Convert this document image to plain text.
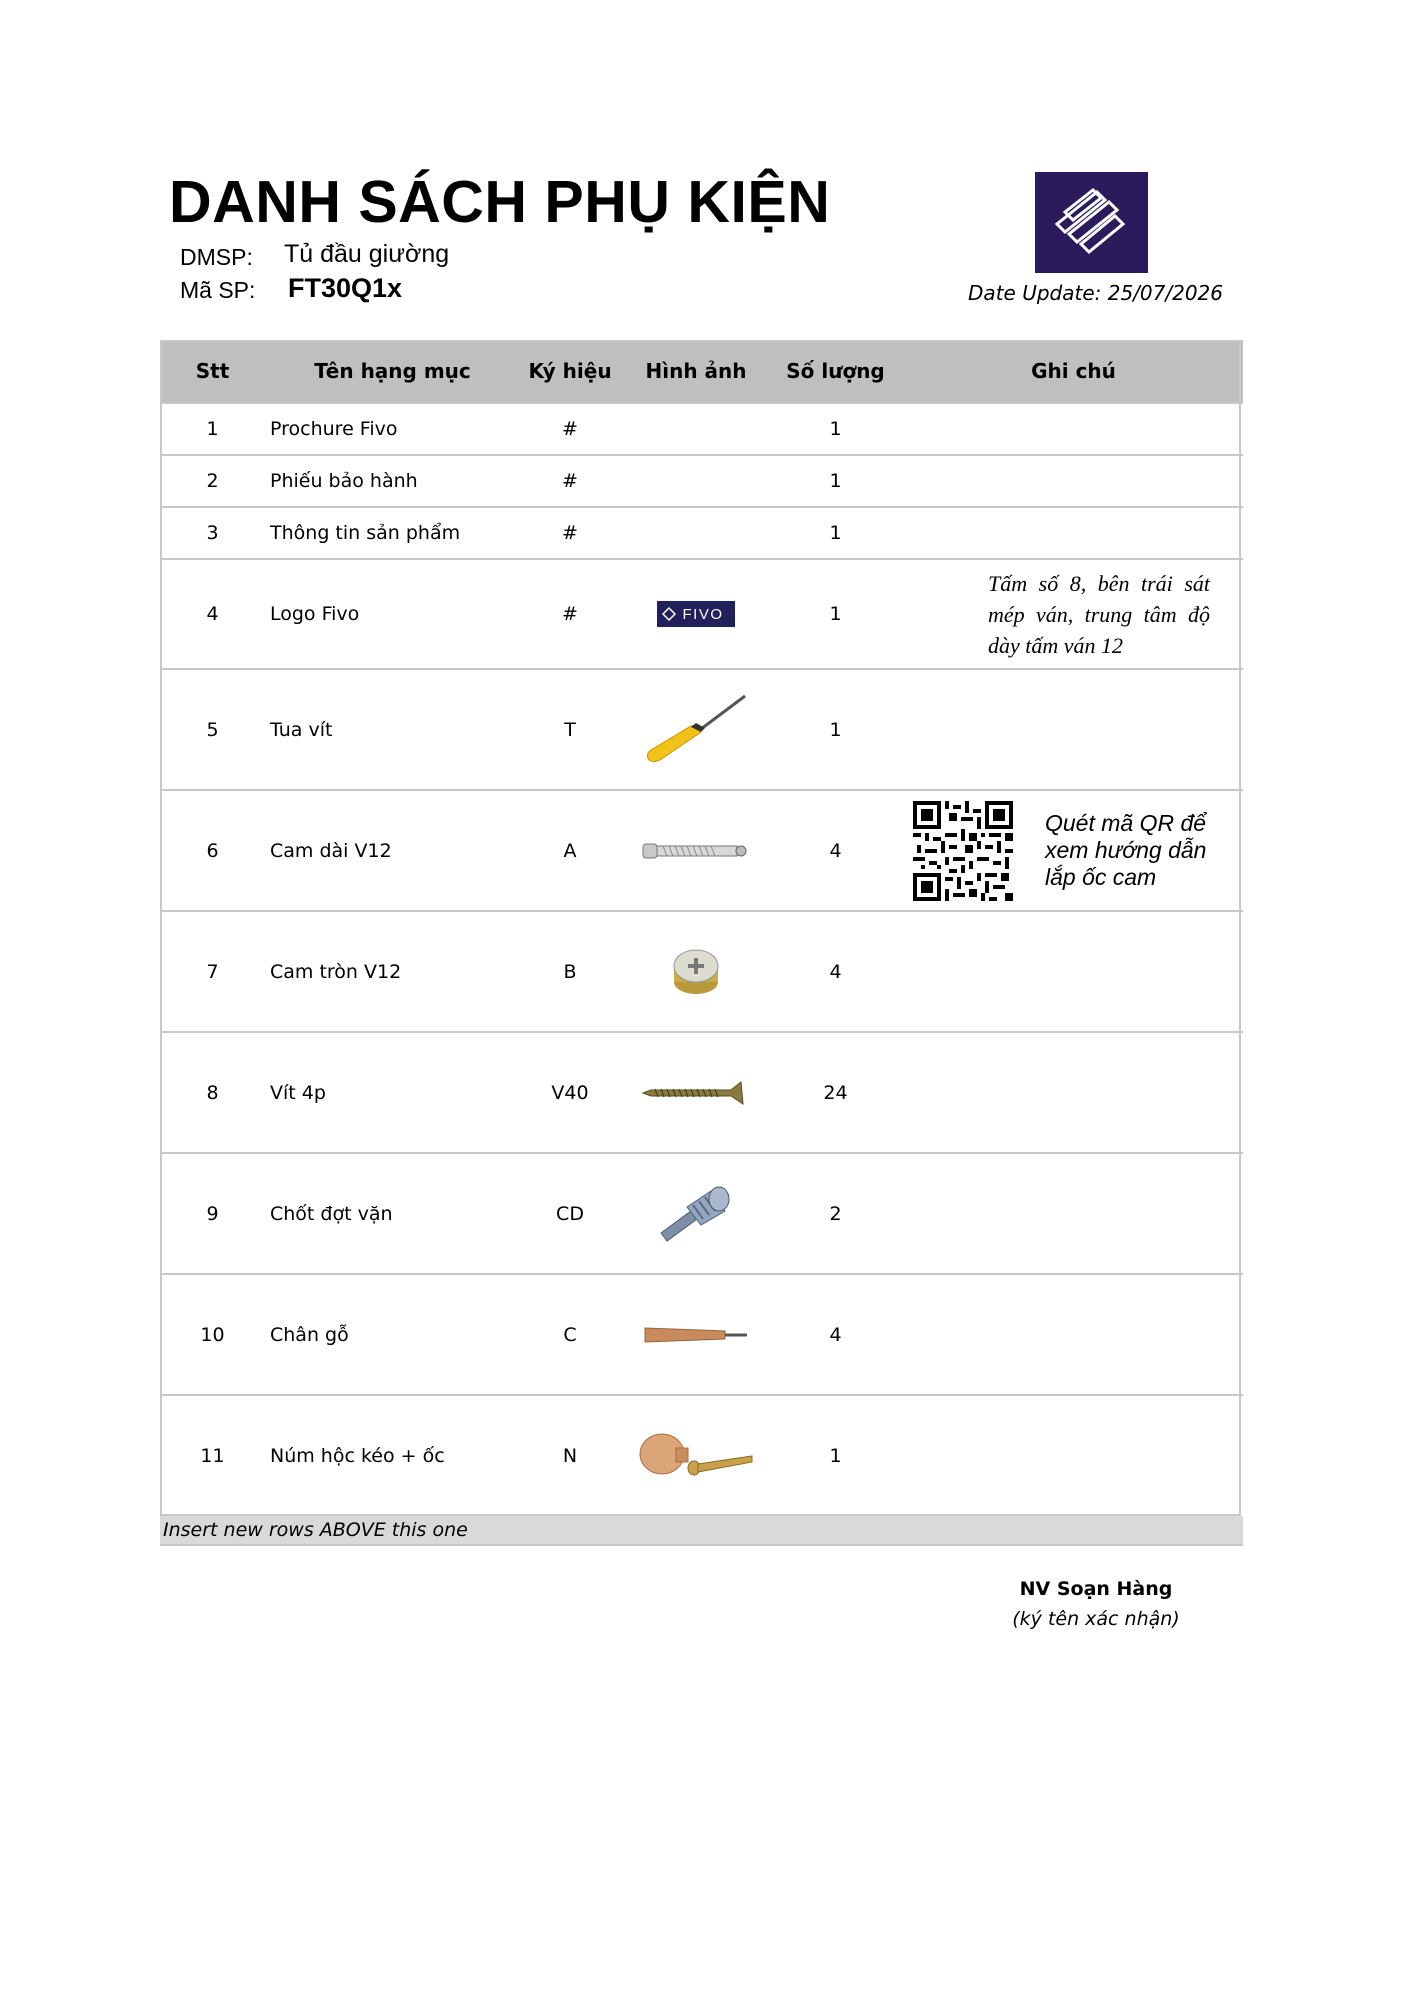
DANH SÁCH PHỤ KIỆN
DMSP: Tủ đầu giường
Mã SP: FT30Q1x	Date Update: 25/07/2026
Stt	Tên hạng mục	Ký hiệu	Hình ảnh	Số lượng	Ghi chú
1	Prochure Fivo	#		1	
2	Phiếu bảo hành	#		1	
3	Thông tin sản phẩm	#		1	
4	Logo Fivo	#	FIVO	1	Tấm số 8, bên trái sát mép ván, trung tâm độ dày tấm ván 12

5	Tua vít	T		1	
6	Cam dài V12	A		4	Quét mã QR để xem hướng dẫn lắp ốc cam

7	Cam tròn V12	B		4	
8	Vít 4p	V40		24	
9	Chốt đợt vặn	CD		2	
10	Chân gỗ	C		4	
11	Núm hộc kéo + ốc	N		1	
Insert new rows ABOVE this one
NV Soạn Hàng
(ký tên xác nhận)
